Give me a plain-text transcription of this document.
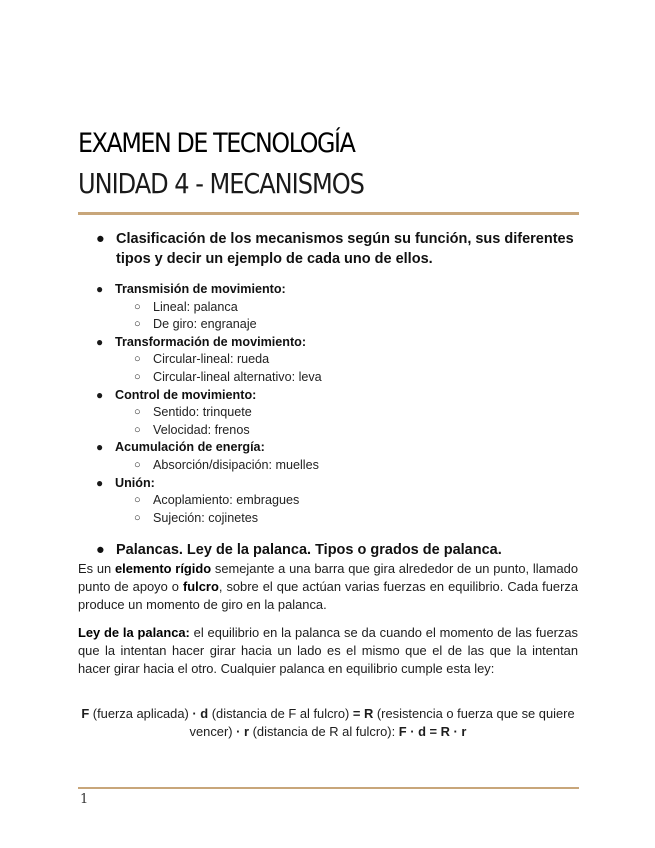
EXAMEN DE TECNOLOGÍA
UNIDAD 4 - MECANISMOS

● Clasificación de los mecanismos según su función, sus diferentes tipos y decir un ejemplo de cada uno de ellos.

● Transmisión de movimiento:
○ Lineal: palanca
○ De giro: engranaje
● Transformación de movimiento:
○ Circular-lineal: rueda
○ Circular-lineal alternativo: leva
● Control de movimiento:
○ Sentido: trinquete
○ Velocidad: frenos
● Acumulación de energía:
○ Absorción/disipación: muelles
● Unión:
○ Acoplamiento: embragues
○ Sujeción: cojinetes

● Palancas. Ley de la palanca. Tipos o grados de palanca.

Es un elemento rígido semejante a una barra que gira alrededor de un punto, llamado punto de apoyo o fulcro, sobre el que actúan varias fuerzas en equilibrio. Cada fuerza produce un momento de giro en la palanca.

Ley de la palanca: el equilibrio en la palanca se da cuando el momento de las fuerzas que la intentan hacer girar hacia un lado es el mismo que el de las que la intentan hacer girar hacia el otro. Cualquier palanca en equilibrio cumple esta ley:

F (fuerza aplicada) · d (distancia de F al fulcro) = R (resistencia o fuerza que se quiere vencer) · r (distancia de R al fulcro): F · d = R · r

1
